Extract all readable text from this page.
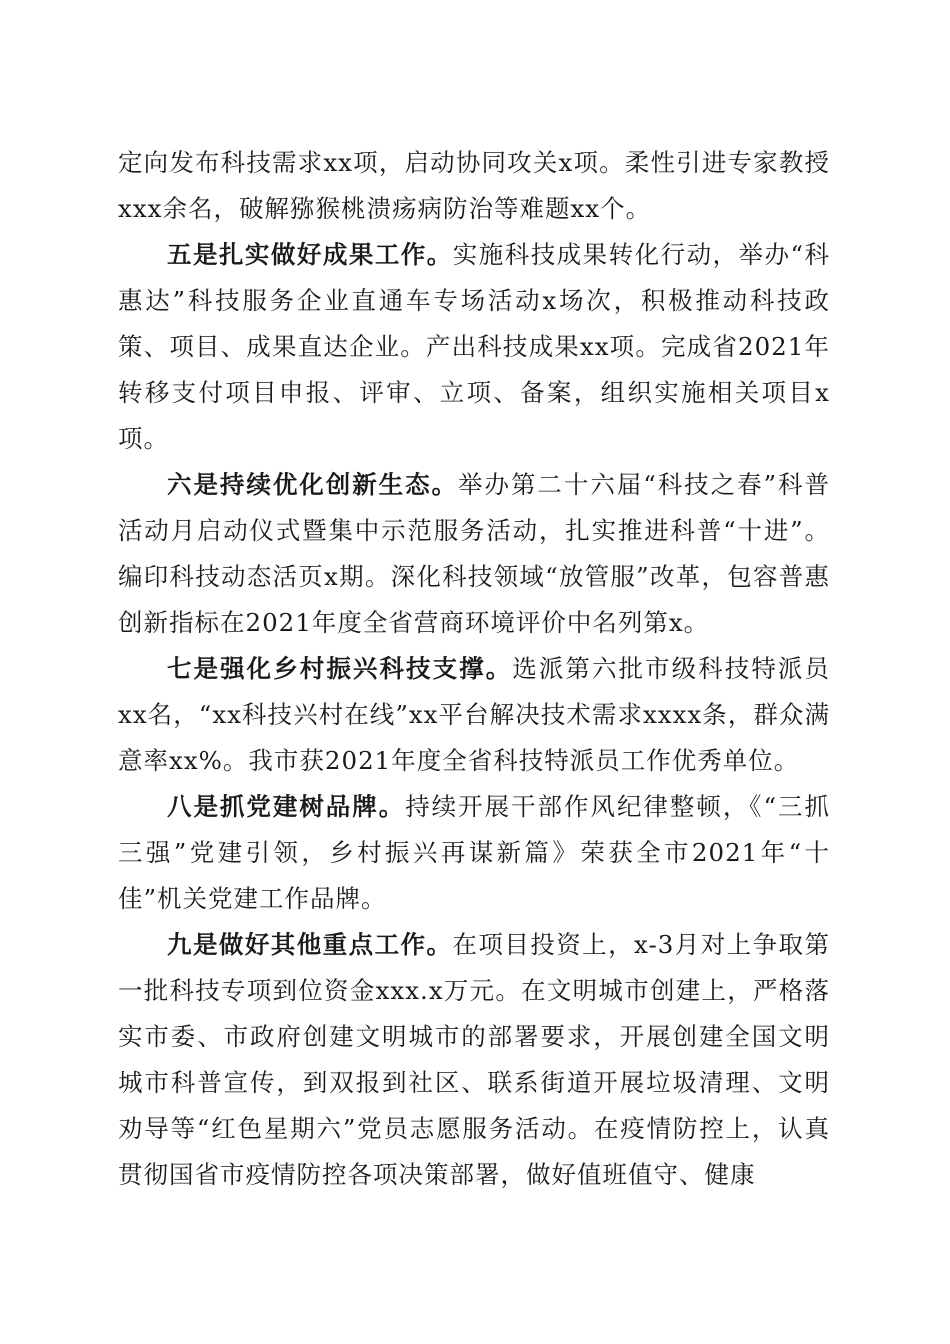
定向发布科技需求xx项，启动协同攻关x项。柔性引进专家教授xxx余名，破解猕猴桃溃疡病防治等难题xx个。

五是扎实做好成果工作。实施科技成果转化行动，举办“科惠达”科技服务企业直通车专场活动x场次，积极推动科技政策、项目、成果直达企业。产出科技成果xx项。完成省2021年转移支付项目申报、评审、立项、备案，组织实施相关项目x项。

六是持续优化创新生态。举办第二十六届“科技之春”科普活动月启动仪式暨集中示范服务活动，扎实推进科普“十进”。编印科技动态活页x期。深化科技领域“放管服”改革，包容普惠创新指标在2021年度全省营商环境评价中名列第x。

七是强化乡村振兴科技支撑。选派第六批市级科技特派员xx名，“xx科技兴村在线”xx平台解决技术需求xxxx条，群众满意率xx%。我市获2021年度全省科技特派员工作优秀单位。

八是抓党建树品牌。持续开展干部作风纪律整顿，《“三抓三强”党建引领，乡村振兴再谋新篇》荣获全市2021年“十佳”机关党建工作品牌。

九是做好其他重点工作。在项目投资上，x-3月对上争取第一批科技专项到位资金xxx.x万元。在文明城市创建上，严格落实市委、市政府创建文明城市的部署要求，开展创建全国文明城市科普宣传，到双报到社区、联系街道开展垃圾清理、文明劝导等“红色星期六”党员志愿服务活动。在疫情防控上，认真贯彻国省市疫情防控各项决策部署，做好值班值守、健康
